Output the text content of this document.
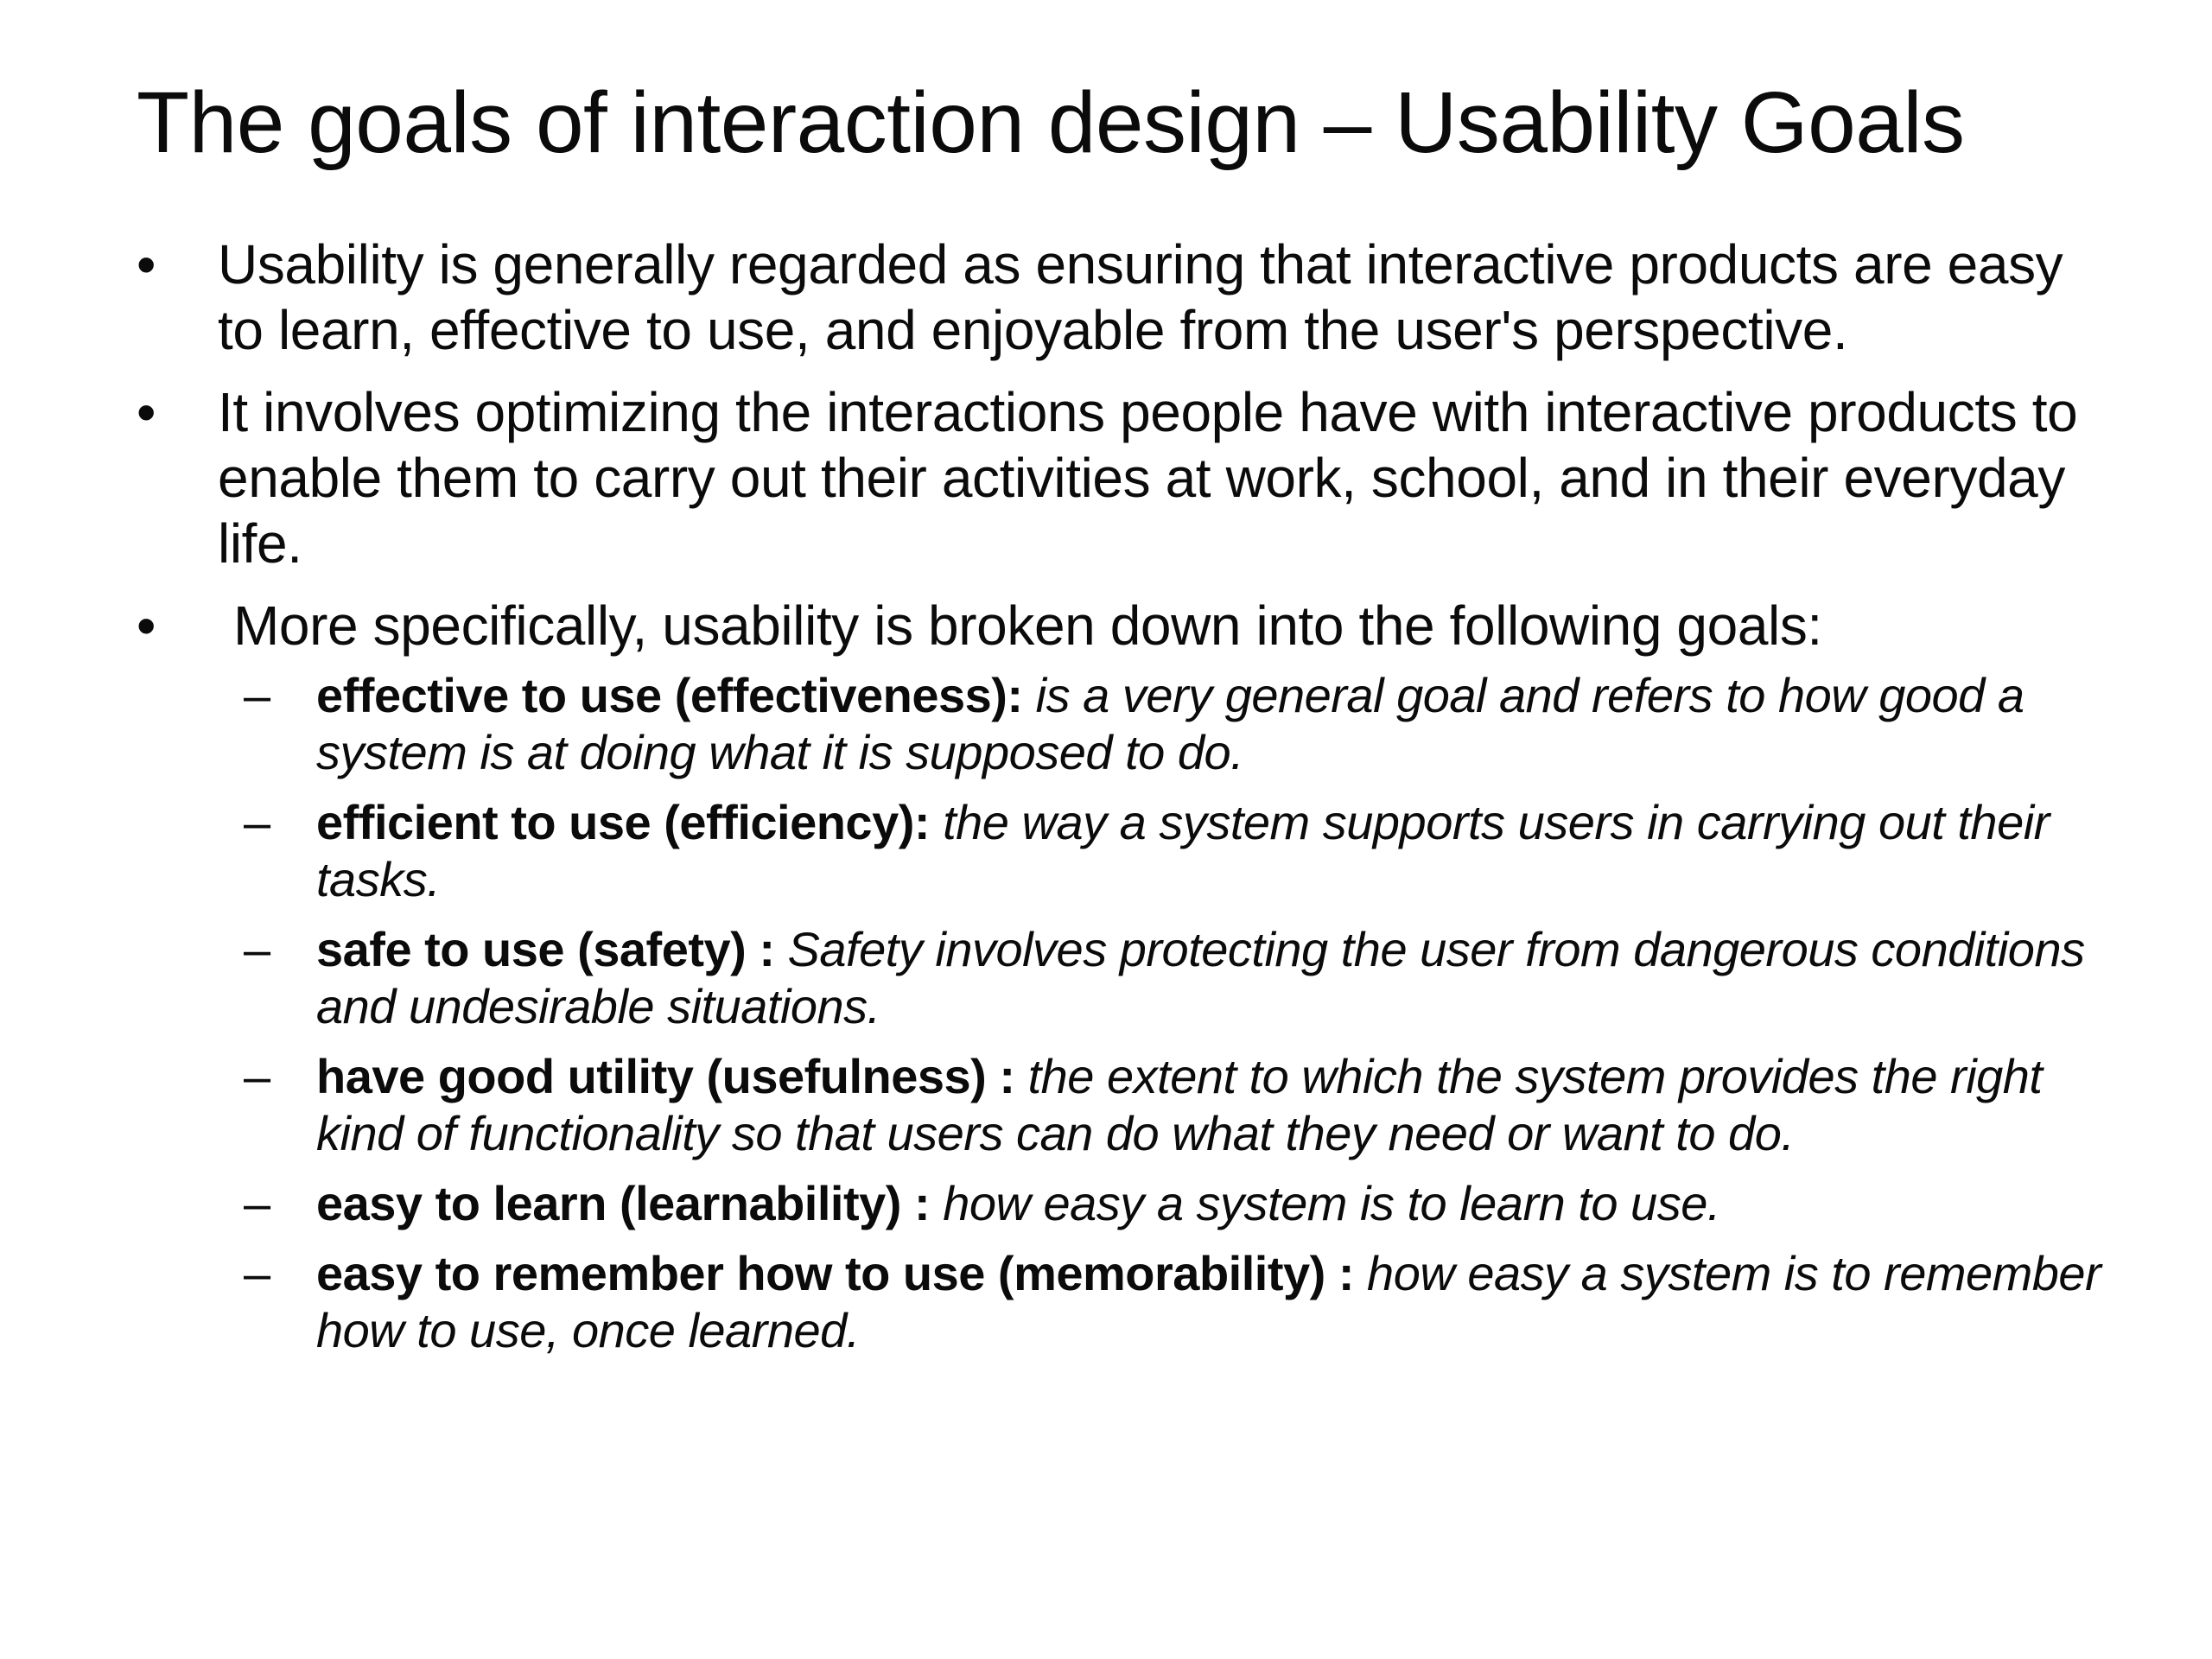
The goals of interaction design – Usability Goals
• Usability is generally regarded as ensuring that interactive products are easy to learn, effective to use, and enjoyable from the user's perspective.
• It involves optimizing the interactions people have with interactive products to enable them to carry out their activities at work, school, and in their everyday life.
• More specifically, usability is broken down into the following goals:
– effective to use (effectiveness): is a very general goal and refers to how good a system is at doing what it is supposed to do.
– efficient to use (efficiency): the way a system supports users in carrying out their tasks.
– safe to use (safety) : Safety involves protecting the user from dangerous conditions and undesirable situations.
– have good utility (usefulness) : the extent to which the system provides the right kind of functionality so that users can do what they need or want to do.
– easy to learn (learnability) : how easy a system is to learn to use.
– easy to remember how to use (memorability) : how easy a system is to remember how to use, once learned.
